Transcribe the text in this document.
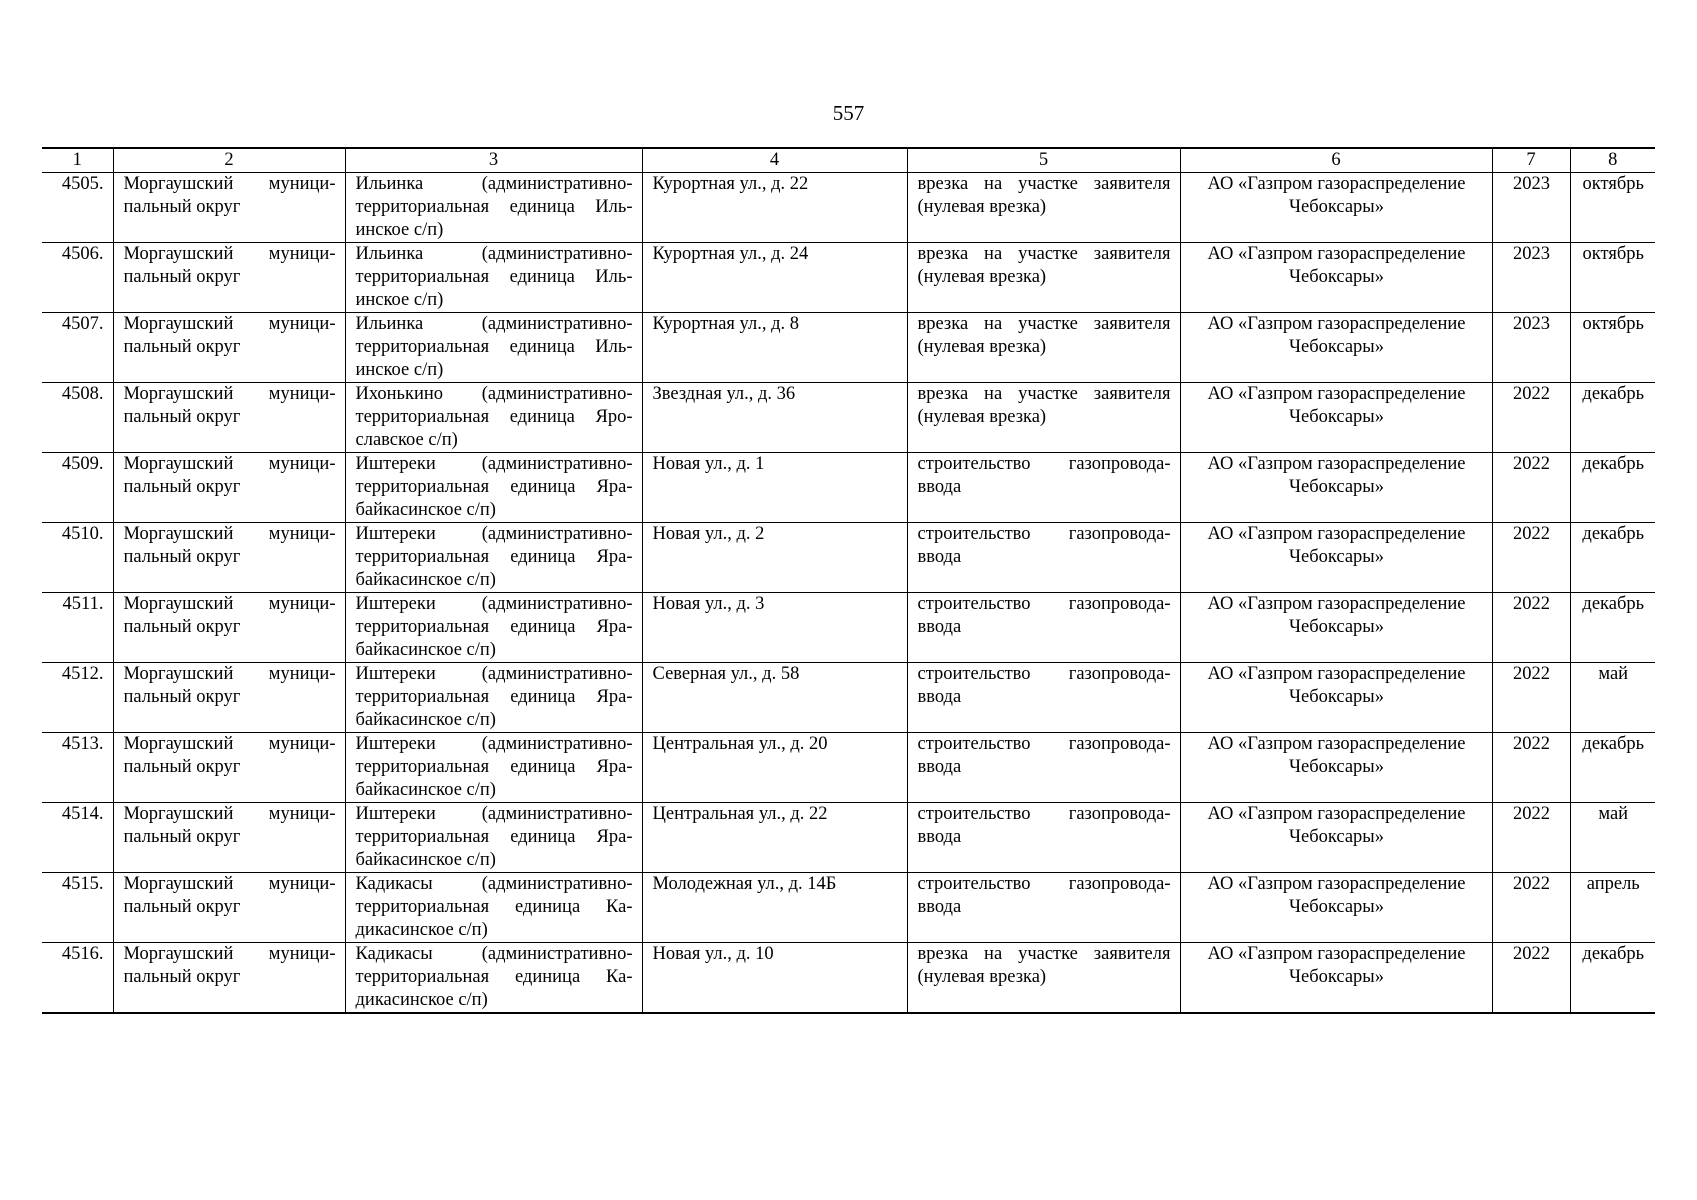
557
1	2	3	4	5	6	7	8
4505.	Моргаушский муници-пальный округ	Ильинка (административно-территориальная единица Иль-инское с/п)	Курортная ул., д. 22	врезка на участке заявителя (нулевая врезка)	АО «Газпром газораспределение Чебоксары»	2023	октябрь
4506.	Моргаушский муници-пальный округ	Ильинка (административно-территориальная единица Иль-инское с/п)	Курортная ул., д. 24	врезка на участке заявителя (нулевая врезка)	АО «Газпром газораспределение Чебоксары»	2023	октябрь
4507.	Моргаушский муници-пальный округ	Ильинка (административно-территориальная единица Иль-инское с/п)	Курортная ул., д. 8	врезка на участке заявителя (нулевая врезка)	АО «Газпром газораспределение Чебоксары»	2023	октябрь
4508.	Моргаушский муници-пальный округ	Ихонькино (административно-территориальная единица Яро-славское с/п)	Звездная ул., д. 36	врезка на участке заявителя (нулевая врезка)	АО «Газпром газораспределение Чебоксары»	2022	декабрь
4509.	Моргаушский муници-пальный округ	Иштереки (административно-территориальная единица Яра-байкасинское с/п)	Новая ул., д. 1	строительство газопровода-ввода	АО «Газпром газораспределение Чебоксары»	2022	декабрь
4510.	Моргаушский муници-пальный округ	Иштереки (административно-территориальная единица Яра-байкасинское с/п)	Новая ул., д. 2	строительство газопровода-ввода	АО «Газпром газораспределение Чебоксары»	2022	декабрь
4511.	Моргаушский муници-пальный округ	Иштереки (административно-территориальная единица Яра-байкасинское с/п)	Новая ул., д. 3	строительство газопровода-ввода	АО «Газпром газораспределение Чебоксары»	2022	декабрь
4512.	Моргаушский муници-пальный округ	Иштереки (административно-территориальная единица Яра-байкасинское с/п)	Северная ул., д. 58	строительство газопровода-ввода	АО «Газпром газораспределение Чебоксары»	2022	май
4513.	Моргаушский муници-пальный округ	Иштереки (административно-территориальная единица Яра-байкасинское с/п)	Центральная ул., д. 20	строительство газопровода-ввода	АО «Газпром газораспределение Чебоксары»	2022	декабрь
4514.	Моргаушский муници-пальный округ	Иштереки (административно-территориальная единица Яра-байкасинское с/п)	Центральная ул., д. 22	строительство газопровода-ввода	АО «Газпром газораспределение Чебоксары»	2022	май
4515.	Моргаушский муници-пальный округ	Кадикасы (административно-территориальная единица Ка-дикасинское с/п)	Молодежная ул., д. 14Б	строительство газопровода-ввода	АО «Газпром газораспределение Чебоксары»	2022	апрель
4516.	Моргаушский муници-пальный округ	Кадикасы (административно-территориальная единица Ка-дикасинское с/п)	Новая ул., д. 10	врезка на участке заявителя (нулевая врезка)	АО «Газпром газораспределение Чебоксары»	2022	декабрь
